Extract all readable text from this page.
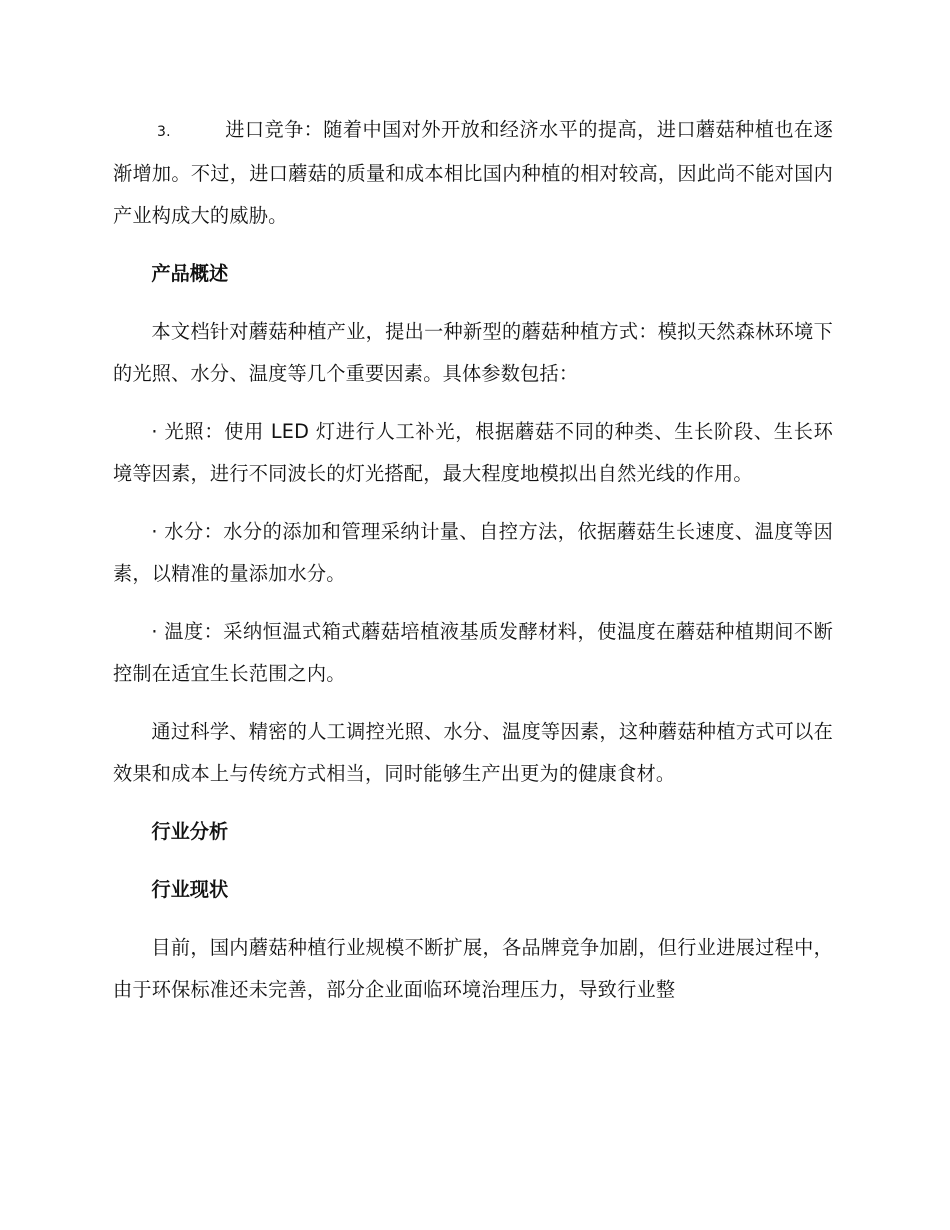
3.	进口竞争：随着中国对外开放和经济水平的提高，进口蘑菇种植也在逐渐增加。不过，进口蘑菇的质量和成本相比国内种植的相对较高，因此尚不能对国内产业构成大的威胁。

产品概述

本文档针对蘑菇种植产业，提出一种新型的蘑菇种植方式：模拟天然森林环境下的光照、水分、温度等几个重要因素。具体参数包括：

· 光照：使用 LED 灯进行人工补光，根据蘑菇不同的种类、生长阶段、生长环境等因素，进行不同波长的灯光搭配，最大程度地模拟出自然光线的作用。

· 水分：水分的添加和管理采纳计量、自控方法，依据蘑菇生长速度、温度等因素，以精准的量添加水分。

· 温度：采纳恒温式箱式蘑菇培植液基质发酵材料，使温度在蘑菇种植期间不断控制在适宜生长范围之内。

通过科学、精密的人工调控光照、水分、温度等因素，这种蘑菇种植方式可以在效果和成本上与传统方式相当，同时能够生产出更为的健康食材。

行业分析

行业现状

目前，国内蘑菇种植行业规模不断扩展，各品牌竞争加剧，但行业进展过程中，由于环保标准还未完善，部分企业面临环境治理压力，导致行业整
